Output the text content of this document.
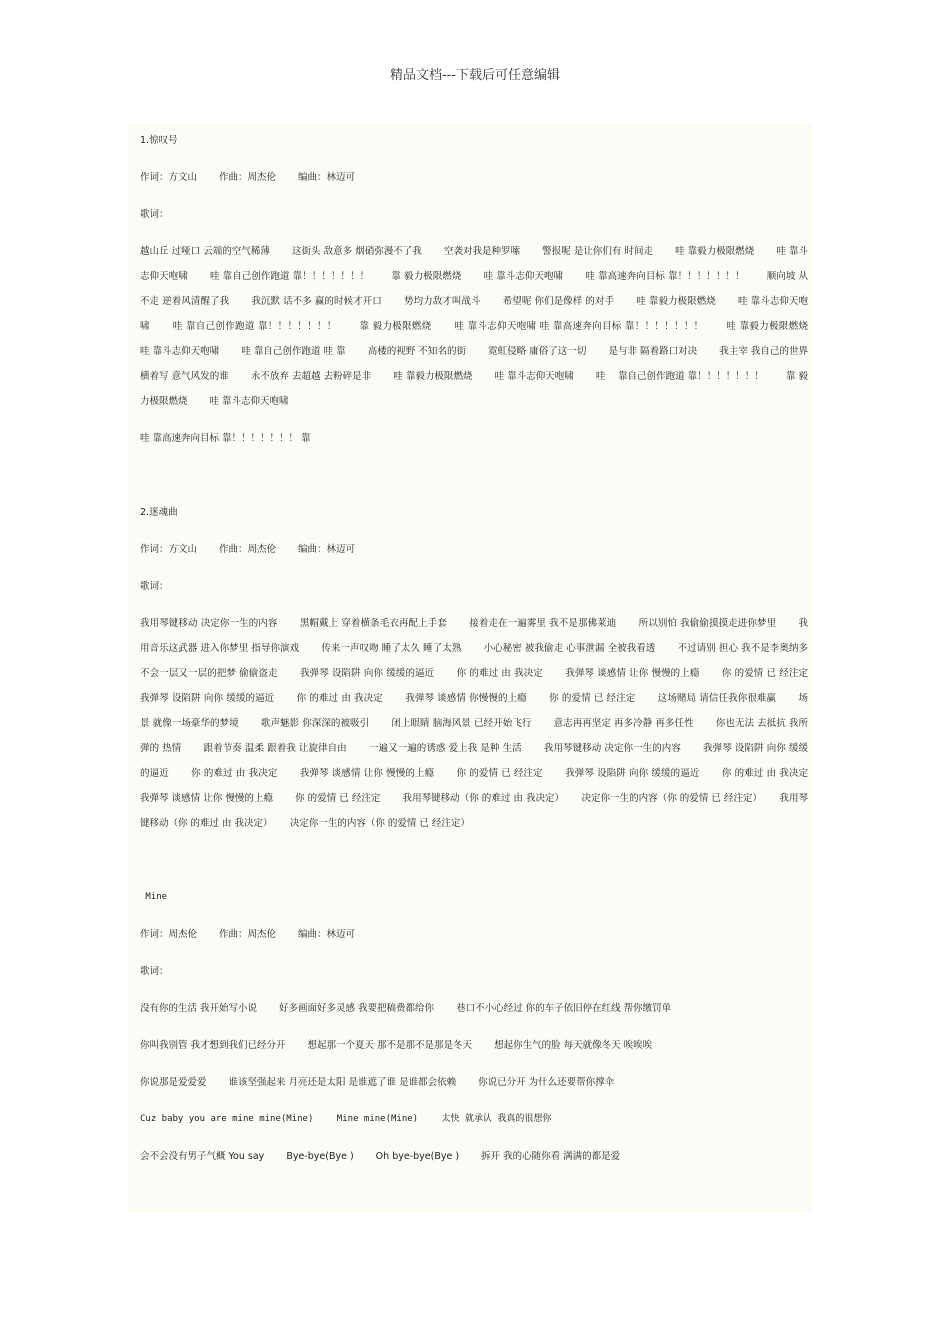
精品文档---下载后可任意编辑

1.惊叹号

作词：方文山　　 作曲：周杰伦　　 编曲：林迈可

歌词：

越山丘 过哑口 云端的空气稀薄　　 这街头 敌意多 烟硝弥漫不了我　　 空袭对我是种罗嗦　　 警报呢 是让你们有 时间走　　 哇 靠毅力极限燃烧　　 哇 靠斗志仰天咆啸　　 哇 靠自己创作跑道 靠！！！！！！！　　 靠 毅力极限燃烧　　 哇 靠斗志仰天咆啸　　 哇 靠高速奔向目标 靠！！！！！！！　　 顺向坡 从不走 逆着风清醒了我　　 我沉默 话不多 赢的时候才开口　　 势均力敌才叫战斗　　 希望呢 你们是像样 的对手　　 哇 靠毅力极限燃烧　　 哇 靠斗志仰天咆啸　　 哇 靠自己创作跑道 靠！！！！！！！　　 靠 毅力极限燃烧　　 哇 靠斗志仰天咆啸 哇 靠高速奔向目标 靠！！！！！！！　　 哇 靠毅力极限燃烧　　 哇 靠斗志仰天咆啸　　 哇 靠自己创作跑道 哇 靠　　 高楼的视野 不知名的街　　 霓虹侵略 庸俗了这一切　　 是与非 隔着路口对决　　 我主宰 我自己的世界　　 横着写 意气风发的谁　　 永不放弃 去超越 去粉碎是非　　 哇 靠毅力极限燃烧　　 哇 靠斗志仰天咆啸　　 哇　 靠自己创作跑道 靠！！！！！！！　　 靠 毅力极限燃烧　　 哇 靠斗志仰天咆啸

哇 靠高速奔向目标 靠！！！！！！！ 靠

2.迷魂曲

作词：方文山　　 作曲：周杰伦　　 编曲：林迈可

歌词：

我用琴键移动 决定你一生的内容　　 黑帽戴上 穿着横条毛衣再配上手套　　 接着走在一遍雾里 我不是那佛莱迪　　 所以别怕 我偷偷摸摸走进你梦里　　 我用音乐这武器 进入你梦里 指导你演戏　　 传来一声叹吻 睡了太久 睡了太熟　　 小心秘密 被我偷走 心事泄漏 全被我看透　　 不过请别 担心 我不是李奥纳多　　 不会一层又一层的把梦 偷偷盗走　　 我弹琴 设陷阱 向你 缓缓的逼近　　 你 的难过 由 我决定　　 我弹琴 谈感情 让你 慢慢的上瘾　　 你 的爱情 已 经注定　　 我弹琴 设陷阱 向你 缓缓的逼近　　 你 的难过 由 我决定　　 我弹琴 谈感情 你慢慢的上瘾　　 你 的爱情 已 经注定　　 这场赌局 请信任我你很难赢　　 场景 就像一场豪华的梦境　　 歌声魅影 你深深的被吸引　　 闭上眼睛 脑海风景 已经开始飞行　　 意志再再坚定 再多冷静 再多任性　　 你也无法 去抵抗 我所弹的 热情　　 跟着节奏 温柔 跟着我 让旋律自由　　 一遍又一遍的诱惑 爱上我 是种 生活　　 我用琴键移动 决定你一生的内容　　 我弹琴 设陷阱 向你 缓缓的逼近　　 你 的难过 由 我决定　　 我弹琴 谈感情 让你 慢慢的上瘾　　 你 的爱情 已 经注定　　 我弹琴 设陷阱 向你 缓缓的逼近　　 你 的难过 由 我决定　　 我弹琴 谈感情 让你 慢慢的上瘾　　 你 的爱情 已 经注定　　 我用琴键移动（你 的难过 由 我决定）　　 决定你一生的内容（你 的爱情 已 经注定）　　 我用琴键移动（你 的难过 由 我决定）　　 决定你一生的内容（你 的爱情 已 经注定）

Mine

作词：周杰伦　　 作曲：周杰伦　　 编曲：林迈可

歌词：

没有你的生活 我开始写小说　　 好多画面好多灵感 我要把稿费都给你　　 巷口不小心经过 你的车子依旧停在红线 帮你缴罚单

你叫我别管 我才想到我们已经分开　　 想起那一个夏天 那不是那不是那是冬天　　 想起你生气的脸 每天就像冬天 唉唉唉

你说那是爱爱爱　　 谁该坚强起来 月亮还是太阳 是谁遮了谁 是谁都会依赖　　 你说已分开 为什么还要帮你撑伞

Cuz baby you are mine mine(Mine)　　 Mine mine(Mine)　　 太快 就承认 我真的很想你

会不会没有男子气概 You say　　 Bye-bye(Bye )　　 Oh bye-bye(Bye )　　 拆开 我的心随你看 满满的都是爱
